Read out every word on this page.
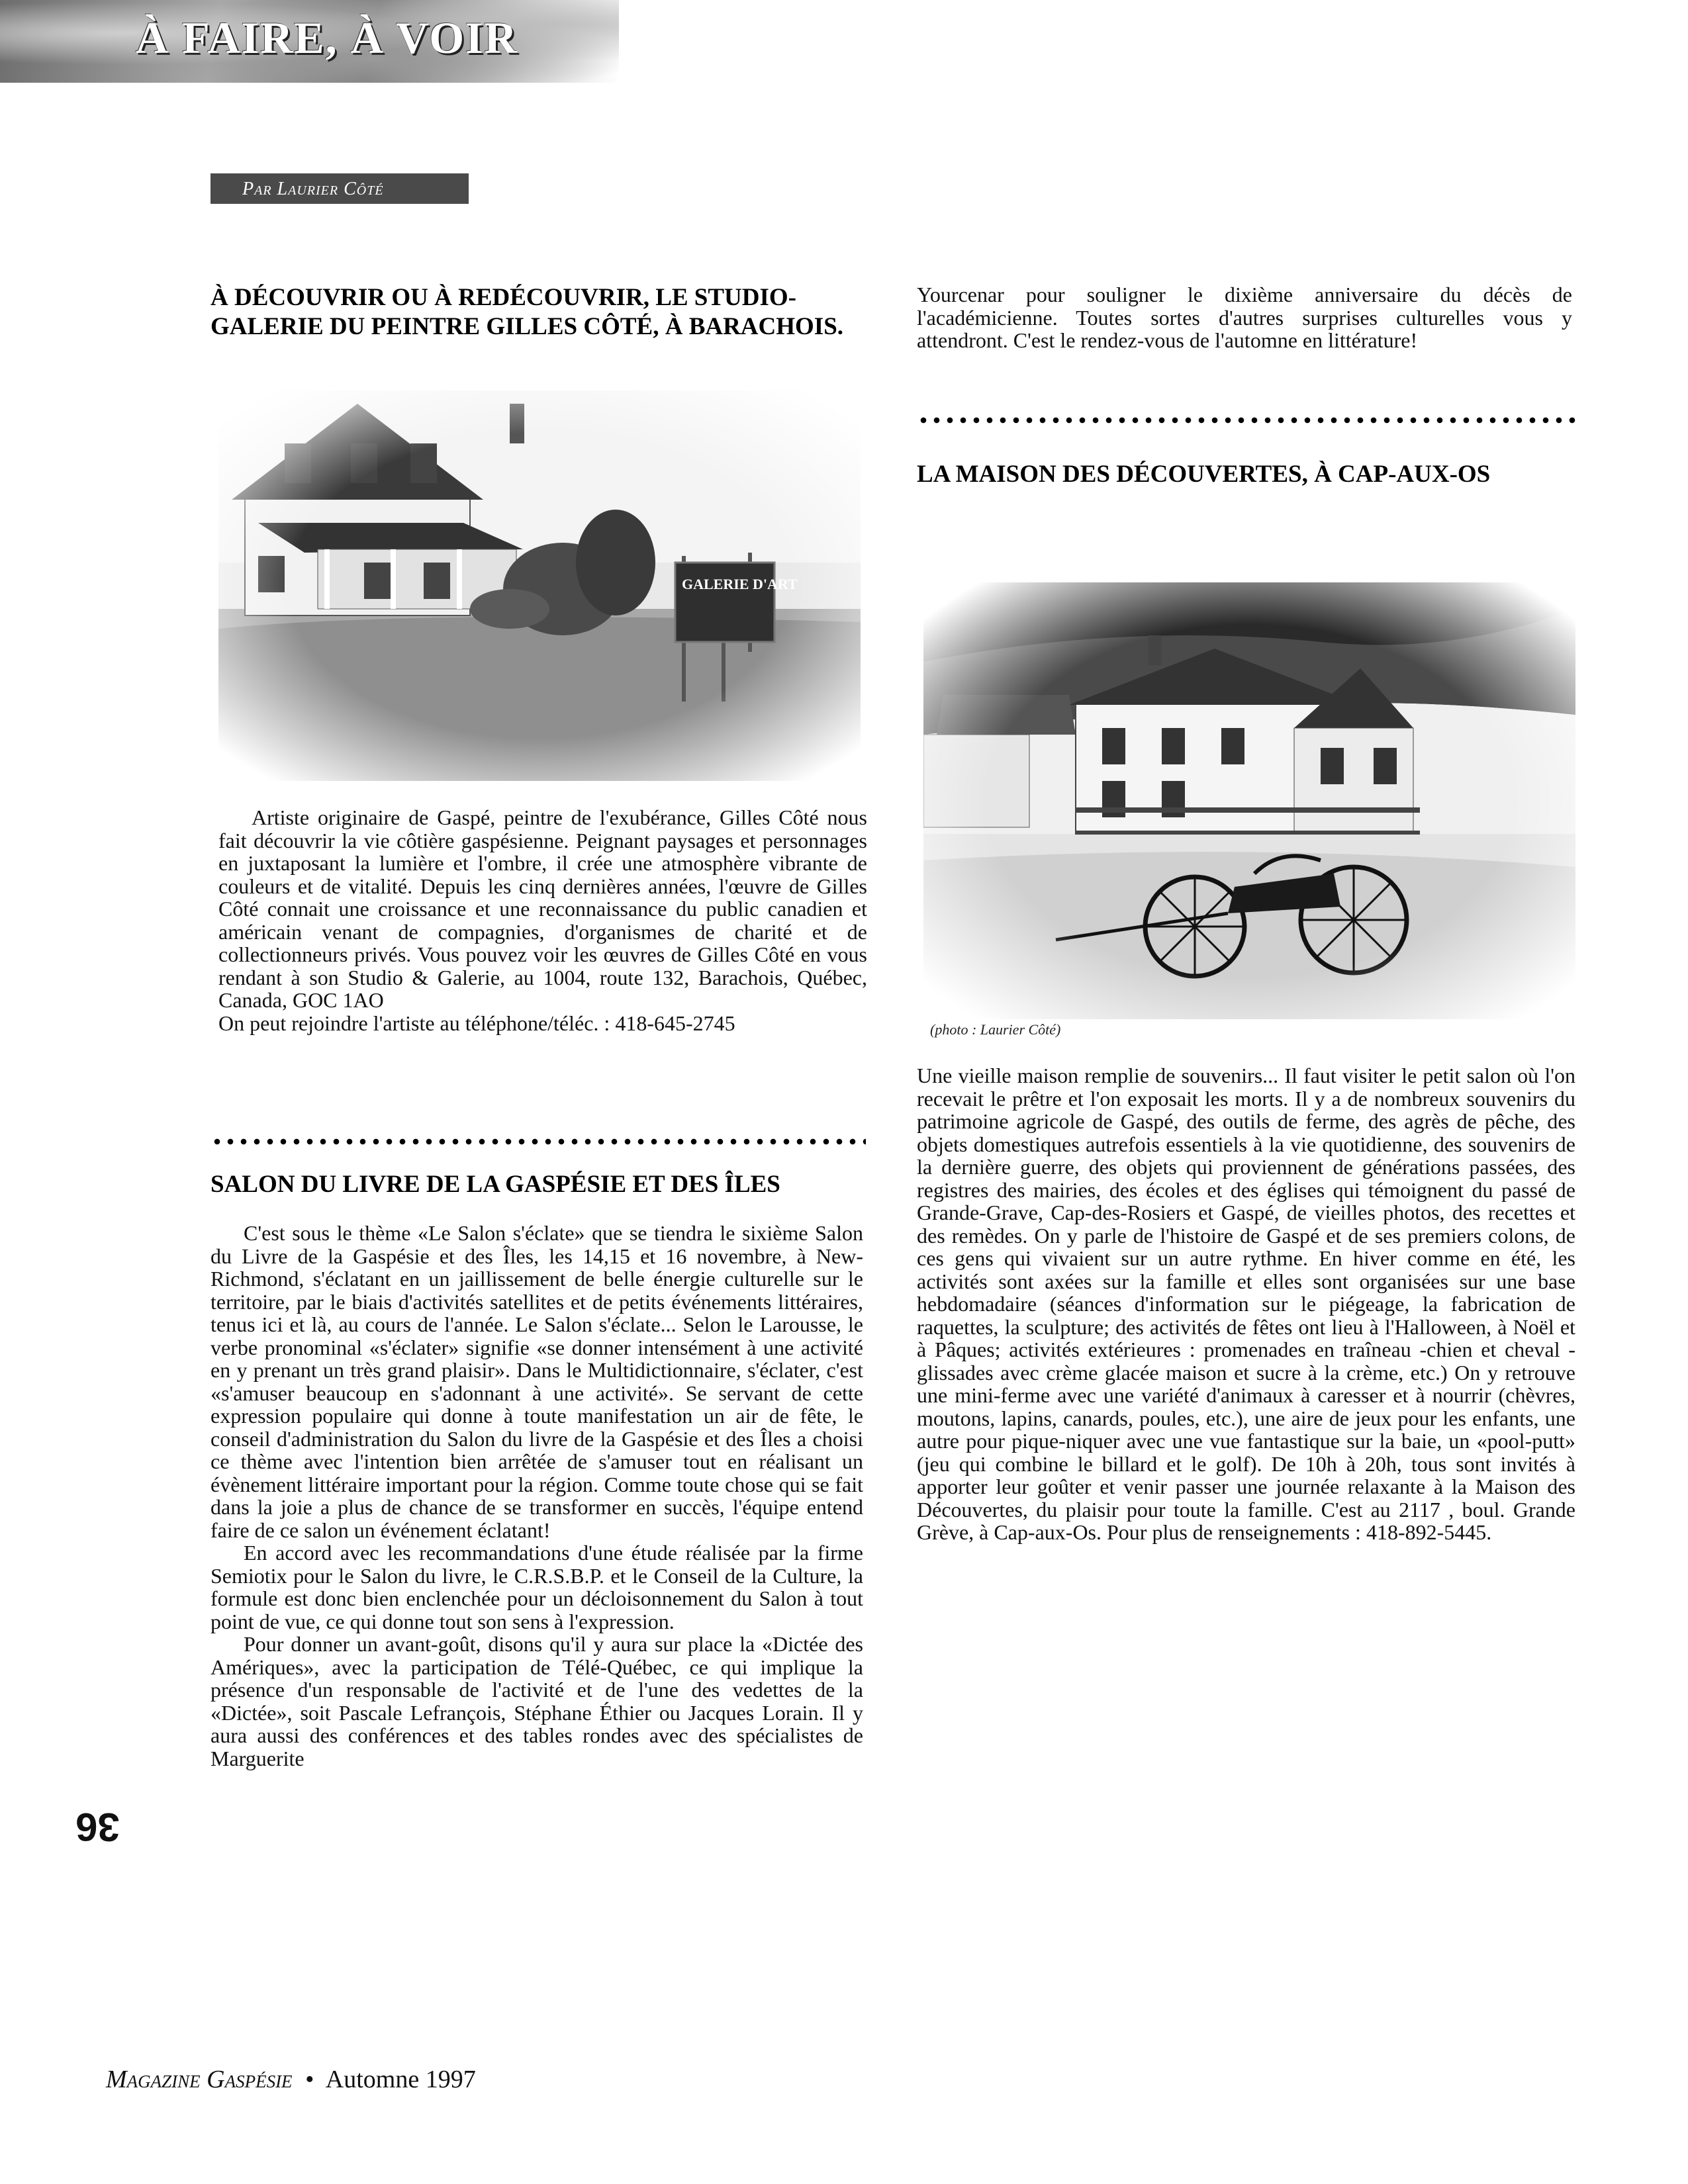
À FAIRE, À VOIR
Par Laurier Côté
À DÉCOUVRIR OU À REDÉCOUVRIR, LE STUDIO-GALERIE DU PEINTRE GILLES CÔTÉ, À BARACHOIS.

Artiste originaire de Gaspé, peintre de l'exubérance, Gilles Côté nous fait découvrir la vie côtière gaspésienne. Peignant paysages et personnages en juxtaposant la lumière et l'ombre, il crée une atmosphère vibrante de couleurs et de vitalité. Depuis les cinq dernières années, l'œuvre de Gilles Côté connait une croissance et une reconnaissance du public canadien et américain venant de compagnies, d'organismes de charité et de collectionneurs privés. Vous pouvez voir les œuvres de Gilles Côté en vous rendant à son Studio & Galerie, au 1004, route 132, Barachois, Québec, Canada, GOC 1AO

On peut rejoindre l'artiste au téléphone/téléc. : 418-645-2745

SALON DU LIVRE DE LA GASPÉSIE ET DES ÎLES

C'est sous le thème «Le Salon s'éclate» que se tiendra le sixième Salon du Livre de la Gaspésie et des Îles, les 14,15 et 16 novembre, à New-Richmond, s'éclatant en un jaillissement de belle énergie culturelle sur le territoire, par le biais d'activités satellites et de petits événements littéraires, tenus ici et là, au cours de l'année. Le Salon s'éclate... Selon le Larousse, le verbe pronominal «s'éclater» signifie «se donner intensément à une activité en y prenant un très grand plaisir». Dans le Multidictionnaire, s'éclater, c'est «s'amuser beaucoup en s'adonnant à une activité». Se servant de cette expression populaire qui donne à toute manifestation un air de fête, le conseil d'administration du Salon du livre de la Gaspésie et des Îles a choisi ce thème avec l'intention bien arrêtée de s'amuser tout en réalisant un évènement littéraire important pour la région. Comme toute chose qui se fait dans la joie a plus de chance de se transformer en succès, l'équipe entend faire de ce salon un événement éclatant!

En accord avec les recommandations d'une étude réalisée par la firme Semiotix pour le Salon du livre, le C.R.S.B.P. et le Conseil de la Culture, la formule est donc bien enclenchée pour un décloisonnement du Salon à tout point de vue, ce qui donne tout son sens à l'expression.

Pour donner un avant-goût, disons qu'il y aura sur place la «Dictée des Amériques», avec la participation de Télé-Québec, ce qui implique la présence d'un responsable de l'activité et de l'une des vedettes de la «Dictée», soit Pascale Lefrançois, Stéphane Éthier ou Jacques Lorain. Il y aura aussi des conférences et des tables rondes avec des spécialistes de Marguerite

36

Yourcenar pour souligner le dixième anniversaire du décès de l'académicienne. Toutes sortes d'autres surprises culturelles vous y attendront. C'est le rendez-vous de l'automne en littérature!

LA MAISON DES DÉCOUVERTES, À CAP-AUX-OS
(photo : Laurier Côté)

Une vieille maison remplie de souvenirs... Il faut visiter le petit salon où l'on recevait le prêtre et l'on exposait les morts. Il y a de nombreux souvenirs du patrimoine agricole de Gaspé, des outils de ferme, des agrès de pêche, des objets domestiques autrefois essentiels à la vie quotidienne, des souvenirs de la dernière guerre, des objets qui proviennent de générations passées, des registres des mairies, des écoles et des églises qui témoignent du passé de Grande-Grave, Cap-des-Rosiers et Gaspé, de vieilles photos, des recettes et des remèdes. On y parle de l'histoire de Gaspé et de ses premiers colons, de ces gens qui vivaient sur un autre rythme. En hiver comme en été, les activités sont axées sur la famille et elles sont organisées sur une base hebdomadaire (séances d'information sur le piégeage, la fabrication de raquettes, la sculpture; des activités de fêtes ont lieu à l'Halloween, à Noël et à Pâques; activités extérieures : promenades en traîneau -chien et cheval - glissades avec crème glacée maison et sucre à la crème, etc.) On y retrouve une mini-ferme avec une variété d'animaux à caresser et à nourrir (chèvres, moutons, lapins, canards, poules, etc.), une aire de jeux pour les enfants, une autre pour pique-niquer avec une vue fantastique sur la baie, un «pool-putt» (jeu qui combine le billard et le golf). De 10h à 20h, tous sont invités à apporter leur goûter et venir passer une journée relaxante à la Maison des Découvertes, du plaisir pour toute la famille. C'est au 2117 , boul. Grande Grève, à Cap-aux-Os. Pour plus de renseignements : 418-892-5445.

Magazine Gaspésie • Automne 1997
